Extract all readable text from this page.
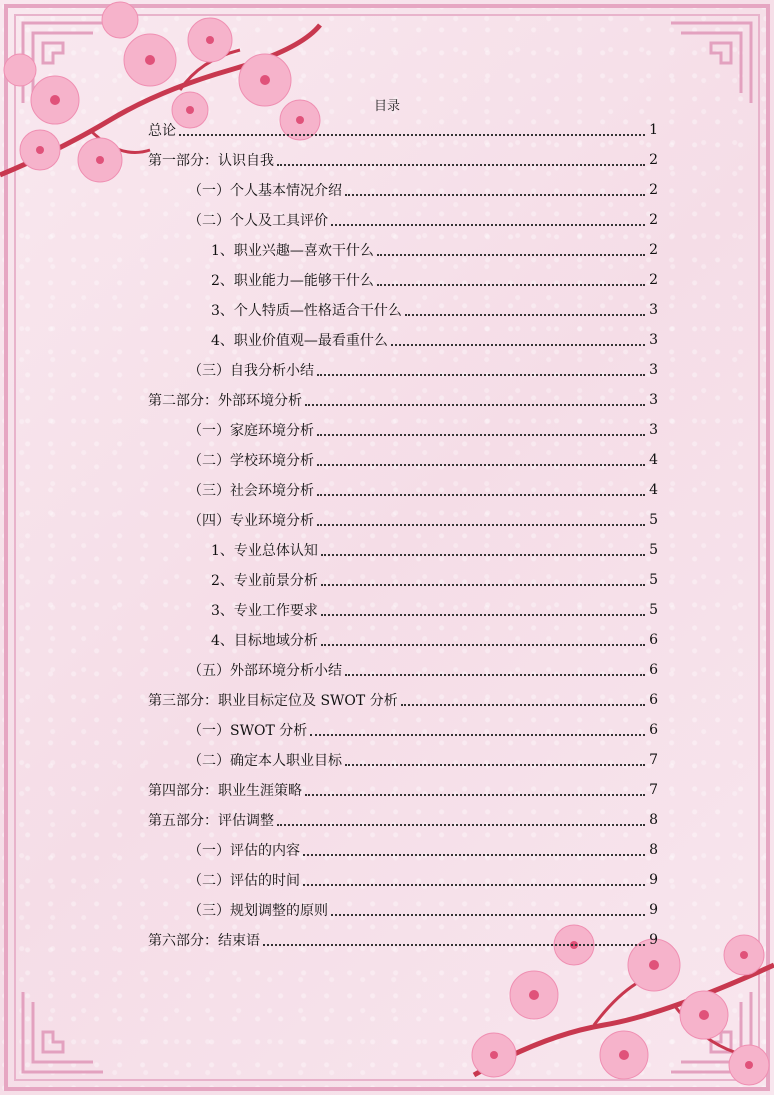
目录
总论	1
第一部分：认识自我	2
（一）个人基本情况介绍	2
（二）个人及工具评价	2
1、职业兴趣—喜欢干什么	2
2、职业能力—能够干什么	2
3、个人特质—性格适合干什么	3
4、职业价值观—最看重什么	3
（三）自我分析小结	3
第二部分：外部环境分析	3
（一）家庭环境分析	3
（二）学校环境分析	4
（三）社会环境分析	4
（四）专业环境分析	5
1、专业总体认知	5
2、专业前景分析	5
3、专业工作要求	5
4、目标地域分析	6
（五）外部环境分析小结	6
第三部分：职业目标定位及 SWOT 分析	6
（一）SWOT 分析	6
（二）确定本人职业目标	7
第四部分：职业生涯策略	7
第五部分：评估调整	8
（一）评估的内容	8
（二）评估的时间	9
（三）规划调整的原则	9
第六部分：结束语	9
